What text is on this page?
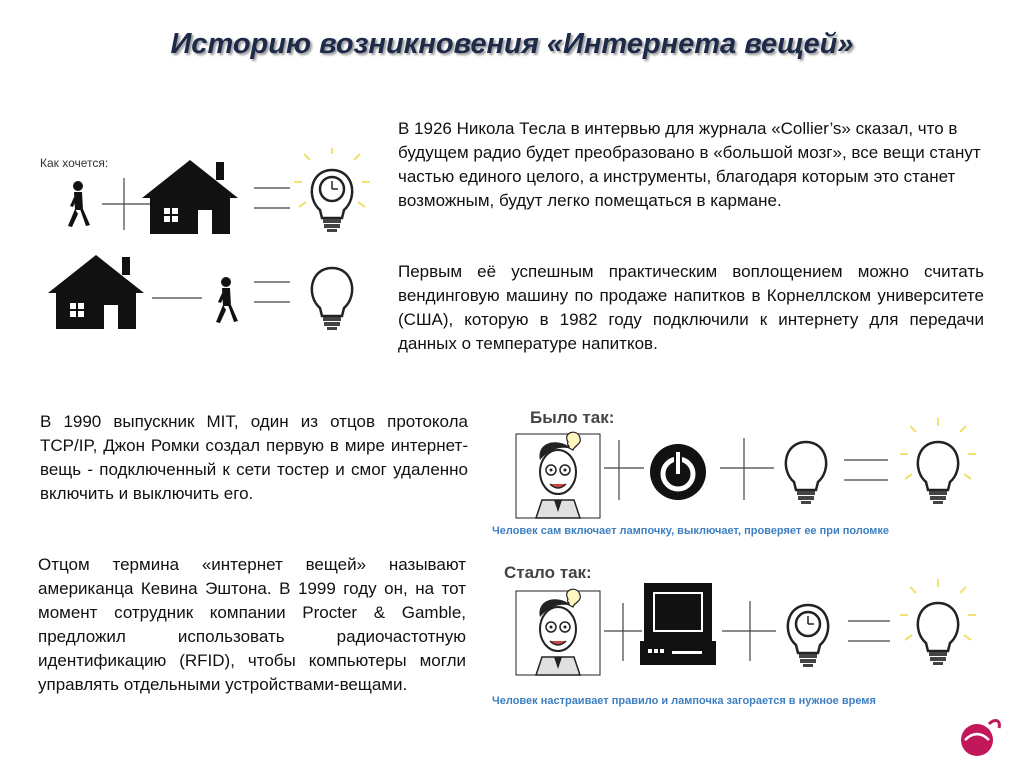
Историю возникновения «Интернета вещей»
Как хочется:
В 1926 Никола Тесла в интервью для журнала «Collier’s» сказал, что в будущем радио будет преобразовано в «большой мозг», все вещи станут частью единого целого, а инструменты, благодаря которым это станет возможным, будут легко помещаться в кармане.
Первым её успешным практическим воплощением можно считать вендинговую машину по продаже напитков в Корнеллском университете (США), которую в 1982 году подключили к интернету для передачи данных о температуре напитков.
В 1990 выпускник MIT, один из отцов протокола TCP/IP, Джон Ромки создал первую в мире интернет-вещь - подключенный к сети тостер и смог удаленно включить и выключить его.
Отцом термина «интернет вещей» называют американца Кевина Эштона. В 1999 году он, на тот момент сотрудник компании Procter & Gamble, предложил использовать радиочастотную идентификацию (RFID), чтобы компьютеры могли управлять отдельными устройствами-вещами.
Было так:
Человек сам включает лампочку, выключает, проверяет ее при поломке
Стало так:
Человек настраивает правило и лампочка загорается в нужное время
